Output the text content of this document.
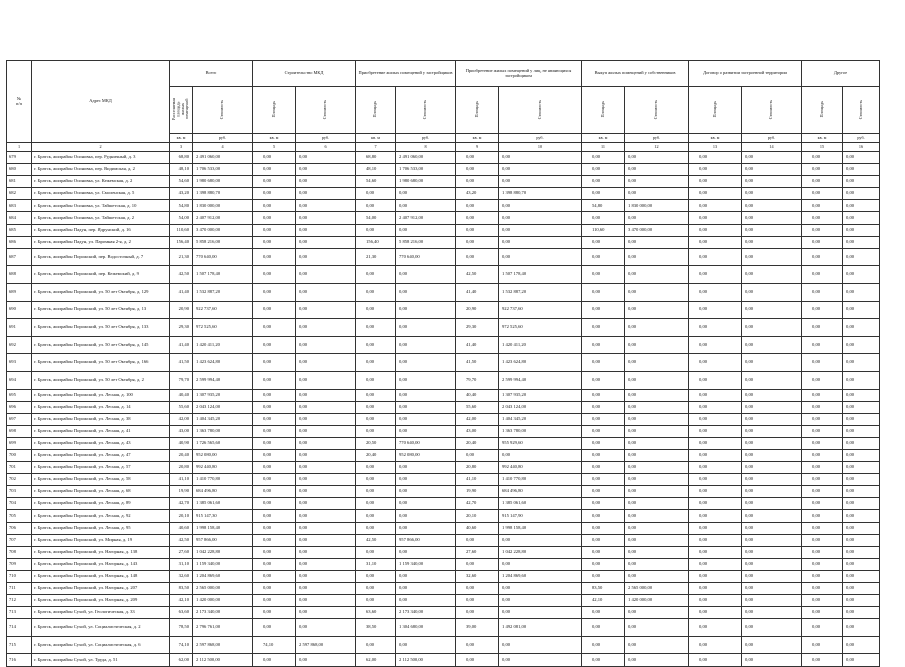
№
п/п	Адрес МКД	Всего		Строительство МКД		Приобретение жилых помещений у застройщиков		Приобретение жилых помещений у лиц, не являющихся застройщиком		Выкуп жилых помещений у собственников		Договор о развитии застроенной территории		Другое	
		Расселяемая
площадь
жилых
помещений	Стоимость	Площадь	Стоимость	Площадь	Стоимость	Площадь	Стоимость	Площадь	Стоимость	Площадь	Стоимость	Площадь	Стоимость
		кв. м	руб.	кв. м	руб.	кв. м	руб.	кв. м	руб.	кв. м	руб.	кв. м	руб.	кв. м	руб.
1	2	3	4	5	6	7	8	9	10	11	12	13	14	15	16
679	г. Братск, жилрайон Осиновка, пер. Рудничный, д. 3	68,80	2 491 060,00	0,00	0,00	68,80	2 491 060,00	0,00	0,00	0,00	0,00	0,00	0,00	0,00	0,00
680	г. Братск, жилрайон Осиновка, пер. Видимская, д. 2	48,10	1 706 533,00	0,00	0,00	48,10	1 706 533,00	0,00	0,00	0,00	0,00	0,00	0,00	0,00	0,00
681	г. Братск, жилрайон Осиновка, ул. Кежемская, д. 2	54,60	1 980 680,00	0,00	0,00	54,60	1 980 680,00	0,00	0,00	0,00	0,00	0,00	0,00	0,00	0,00
682	г. Братск, жилрайон Осиновка, ул. Смоленская, д. 5	43,20	1 398 880,70	0,00	0,00	0,00	0,00	43,20	1 398 880,70	0,00	0,00	0,00	0,00	0,00	0,00
683	г. Братск, жилрайон Осиновка, ул. Тайшетская, д. 10	54,80	1 830 000,00	0,00	0,00	0,00	0,00	0,00	0,00	54,80	1 830 000,00	0,00	0,00	0,00	0,00
684	г. Братск, жилрайон Осиновка, ул. Тайшетская, д. 2	54,00	2 407 912,00	0,00	0,00	54,00	2 407 912,00	0,00	0,00	0,00	0,00	0,00	0,00	0,00	0,00
685	г. Братск, жилрайон Падун, пер. Ядрунский, д. 16	110,60	3 470 000,00	0,00	0,00	0,00	0,00	0,00	0,00	110,60	3 470 000,00	0,00	0,00	0,00	0,00
686	г. Братск, жилрайон Падун, ул. Паромная 2-я, д. 2	156,40	5 858 216,00	0,00	0,00	156,40	5 858 216,00	0,00	0,00	0,00	0,00	0,00	0,00	0,00	0,00
687	г. Братск, жилрайон Порожский, пер. Водосточный, д. 7	21,30	770 640,00	0,00	0,00	21,30	770 640,00	0,00	0,00	0,00	0,00	0,00	0,00	0,00	0,00
688	г. Братск, жилрайон Порожский, пер. Кежемский, д. 9	42,50	1 507 178,40	0,00	0,00	0,00	0,00	42,50	1 507 178,40	0,00	0,00	0,00	0,00	0,00	0,00
689	г. Братск, жилрайон Порожский, ул. 50 лет Октября, д. 129	41,40	1 532 887,20	0,00	0,00	0,00	0,00	41,40	1 532 887,20	0,00	0,00	0,00	0,00	0,00	0,00
690	г. Братск, жилрайон Порожский, ул. 50 лет Октября, д. 13	20,90	922 737,60	0,00	0,00	0,00	0,00	20,90	922 737,60	0,00	0,00	0,00	0,00	0,00	0,00
691	г. Братск, жилрайон Порожский, ул. 50 лет Октября, д. 133	29,30	972 525,60	0,00	0,00	0,00	0,00	29,30	972 525,60	0,00	0,00	0,00	0,00	0,00	0,00
692	г. Братск, жилрайон Порожский, ул. 50 лет Октября, д. 145	41,40	1 420 411,20	0,00	0,00	0,00	0,00	41,40	1 420 411,20	0,00	0,00	0,00	0,00	0,00	0,00
693	г. Братск, жилрайон Порожский, ул. 50 лет Октября, д. 166	41,50	1 423 624,80	0,00	0,00	0,00	0,00	41,50	1 423 624,80	0,00	0,00	0,00	0,00	0,00	0,00
694	г. Братск, жилрайон Порожский, ул. 50 лет Октября, д. 2	79,70	2 599 994,40	0,00	0,00	0,00	0,00	79,70	2 599 994,40	0,00	0,00	0,00	0,00	0,00	0,00
695	г. Братск, жилрайон Порожский, ул. Лесная, д. 100	40,40	1 307 935,20	0,00	0,00	0,00	0,00	40,40	1 307 935,20	0,00	0,00	0,00	0,00	0,00	0,00
696	г. Братск, жилрайон Порожский, ул. Лесная, д. 14	55,60	2 043 124,00	0,00	0,00	0,00	0,00	55,60	2 043 124,00	0,00	0,00	0,00	0,00	0,00	0,00
697	г. Братск, жилрайон Порожский, ул. Лесная, д. 38	42,00	1 404 345,20	0,00	0,00	0,00	0,00	42,00	1 404 345,20	0,00	0,00	0,00	0,00	0,00	0,00
698	г. Братск, жилрайон Порожский, ул. Лесная, д. 41	43,00	1 363 780,00	0,00	0,00	0,00	0,00	43,00	1 363 780,00	0,00	0,00	0,00	0,00	0,00	0,00
699	г. Братск, жилрайон Порожский, ул. Лесная, д. 43	40,90	1 726 565,60	0,00	0,00	20,50	770 640,00	20,40	955 929,60	0,00	0,00	0,00	0,00	0,00	0,00
700	г. Братск, жилрайон Порожский, ул. Лесная, д. 47	20,40	952 080,00	0,00	0,00	20,40	952 080,00	0,00	0,00	0,00	0,00	0,00	0,00	0,00	0,00
701	г. Братск, жилрайон Порожский, ул. Лесная, д. 57	20,80	992 440,80	0,00	0,00	0,00	0,00	20,80	992 440,80	0,00	0,00	0,00	0,00	0,00	0,00
702	г. Братск, жилрайон Порожский, ул. Лесная, д. 58	41,10	1 410 770,80	0,00	0,00	0,00	0,00	41,10	1 410 770,80	0,00	0,00	0,00	0,00	0,00	0,00
703	г. Братск, жилрайон Порожский, ул. Лесная, д. 68	19,90	684 496,80	0,00	0,00	0,00	0,00	19,90	684 496,80	0,00	0,00	0,00	0,00	0,00	0,00
704	г. Братск, жилрайон Порожский, ул. Лесная, д. 89	42,70	1 385 061,60	0,00	0,00	0,00	0,00	42,70	1 385 061,60	0,00	0,00	0,00	0,00	0,00	0,00
705	г. Братск, жилрайон Порожский, ул. Лесная, д. 92	20,10	915 147,30	0,00	0,00	0,00	0,00	20,10	915 147,90	0,00	0,00	0,00	0,00	0,00	0,00
706	г. Братск, жилрайон Порожский, ул. Лесная, д. 95	40,60	1 998 158,40	0,00	0,00	0,00	0,00	40,60	1 998 158,40	0,00	0,00	0,00	0,00	0,00	0,00
707	г. Братск, жилрайон Порожский, ул. Мирная, д. 19	42,50	957 866,00	0,00	0,00	42,50	957 866,00	0,00	0,00	0,00	0,00	0,00	0,00	0,00	0,00
708	г. Братск, жилрайон Порожский, ул. Нагорная, д. 138	27,60	1 042 228,80	0,00	0,00	0,00	0,00	27,60	1 042 228,80	0,00	0,00	0,00	0,00	0,00	0,00
709	г. Братск, жилрайон Порожский, ул. Нагорная, д. 143	31,10	1 159 340,00	0,00	0,00	31,10	1 159 340,00	0,00	0,00	0,00	0,00	0,00	0,00	0,00	0,00
710	г. Братск, жилрайон Порожский, ул. Нагорная, д. 148	32,60	1 204 869,60	0,00	0,00	0,00	0,00	32,60	1 204 869,60	0,00	0,00	0,00	0,00	0,00	0,00
711	г. Братск, жилрайон Порожский, ул. Нагорная, д. 207	83,50	2 565 000,00	0,00	0,00	0,00	0,00	0,00	0,00	83,50	2 565 000,00	0,00	0,00	0,00	0,00
712	г. Братск, жилрайон Порожский, ул. Нагорная, д. 209	42,10	1 420 000,00	0,00	0,00	0,00	0,00	0,00	0,00	42,10	1 420 000,00	0,00	0,00	0,00	0,00
713	г. Братск, жилрайон Сухой, ул. Геологическая, д. 33	63,60	2 173 340,00	0,00	0,00	63,60	2 173 340,00	0,00	0,00	0,00	0,00	0,00	0,00	0,00	0,00
714	г. Братск, жилрайон Сухой, ул. Социалистическая, д. 2	78,50	2 796 761,00	0,00	0,00	38,50	1 304 680,00	39,00	1 492 081,00	0,00	0,00	0,00	0,00	0,00	0,00
715	г. Братск, жилрайон Сухой, ул. Социалистическая, д. 6	74,10	2 597 868,00	74,10	2 597 868,00	0,00	0,00	0,00	0,00	0,00	0,00	0,00	0,00	0,00	0,00
716	г. Братск, жилрайон Сухой, ул. Труда, д. 51	62,00	2 112 500,00	0,00	0,00	62,00	2 112 500,00	0,00	0,00	0,00	0,00	0,00	0,00	0,00	0,00
